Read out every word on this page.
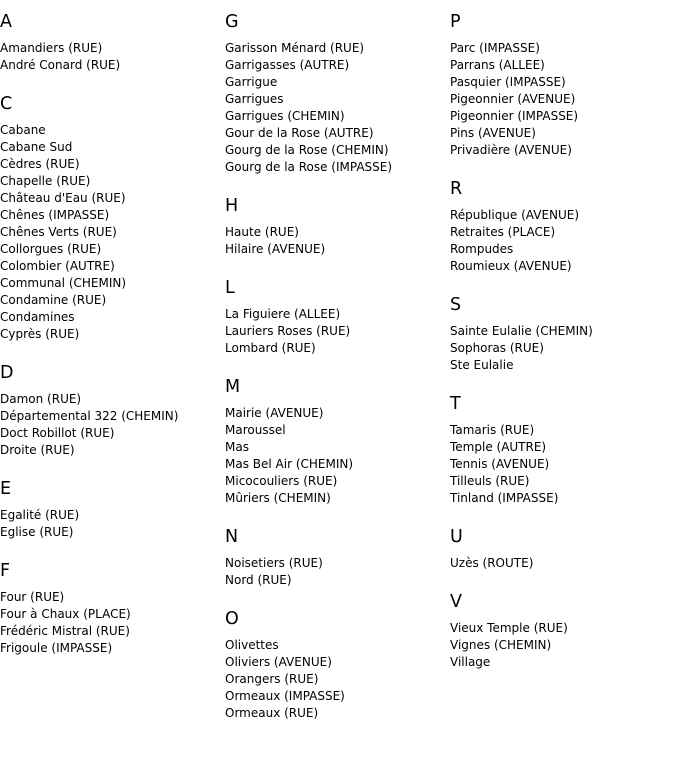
A
Amandiers (RUE)
André Conard (RUE)
C
Cabane
Cabane Sud
Cèdres (RUE)
Chapelle (RUE)
Château d'Eau (RUE)
Chênes (IMPASSE)
Chênes Verts (RUE)
Collorgues (RUE)
Colombier (AUTRE)
Communal (CHEMIN)
Condamine (RUE)
Condamines
Cyprès (RUE)
D
Damon (RUE)
Départemental 322 (CHEMIN)
Doct Robillot (RUE)
Droite (RUE)
E
Egalité (RUE)
Eglise (RUE)
F
Four (RUE)
Four à Chaux (PLACE)
Frédéric Mistral (RUE)
Frigoule (IMPASSE)
G
Garisson Ménard (RUE)
Garrigasses (AUTRE)
Garrigue
Garrigues
Garrigues (CHEMIN)
Gour de la Rose (AUTRE)
Gourg de la Rose (CHEMIN)
Gourg de la Rose (IMPASSE)
H
Haute (RUE)
Hilaire (AVENUE)
L
La Figuiere (ALLEE)
Lauriers Roses (RUE)
Lombard (RUE)
M
Mairie (AVENUE)
Maroussel
Mas
Mas Bel Air (CHEMIN)
Micocouliers (RUE)
Mûriers (CHEMIN)
N
Noisetiers (RUE)
Nord (RUE)
O
Olivettes
Oliviers (AVENUE)
Orangers (RUE)
Ormeaux (IMPASSE)
Ormeaux (RUE)
P
Parc (IMPASSE)
Parrans (ALLEE)
Pasquier (IMPASSE)
Pigeonnier (AVENUE)
Pigeonnier (IMPASSE)
Pins (AVENUE)
Privadière (AVENUE)
R
République (AVENUE)
Retraites (PLACE)
Rompudes
Roumieux (AVENUE)
S
Sainte Eulalie (CHEMIN)
Sophoras (RUE)
Ste Eulalie
T
Tamaris (RUE)
Temple (AUTRE)
Tennis (AVENUE)
Tilleuls (RUE)
Tinland (IMPASSE)
U
Uzès (ROUTE)
V
Vieux Temple (RUE)
Vignes (CHEMIN)
Village
